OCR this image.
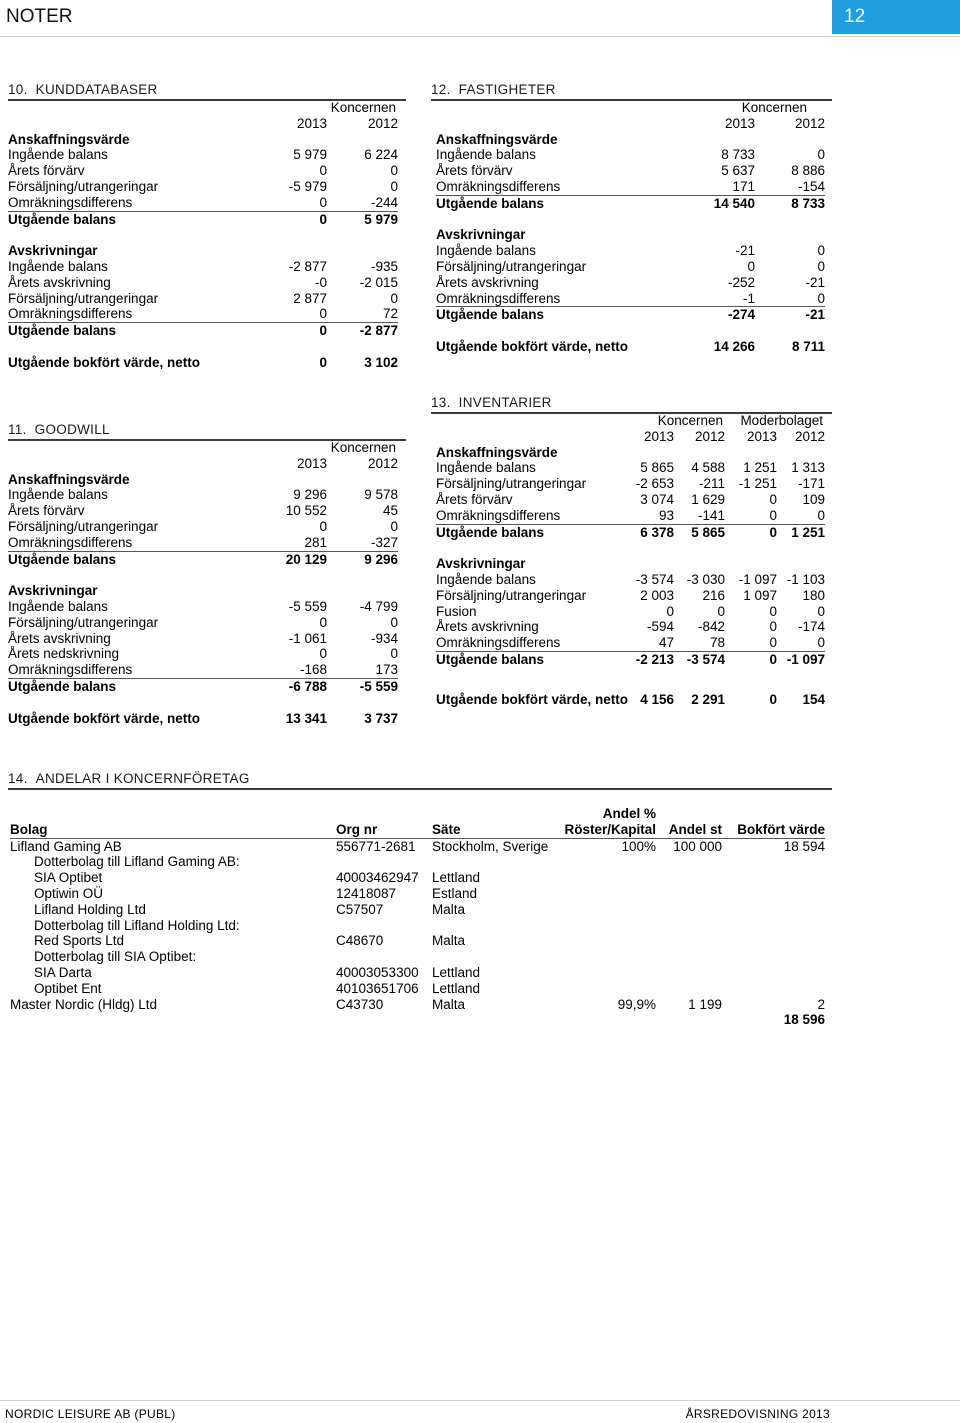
NOTER	12
10. KUNDDATABASER
	Koncernen	
	2013	2012
Anskaffningsvärde		
Ingående balans	5 979	6 224
Årets förvärv	0	0
Försäljning/utrangeringar	-5 979	0
Omräkningsdifferens	0	-244
Utgående balans	0	5 979

Avskrivningar		
Ingående balans	-2 877	-935
Årets avskrivning	-0	-2 015
Försäljning/utrangeringar	2 877	0
Omräkningsdifferens	0	72
Utgående balans	0	-2 877

Utgående bokfört värde, netto	0	3 102
11. GOODWILL
	Koncernen	
	2013	2012
Anskaffningsvärde		
Ingående balans	9 296	9 578
Årets förvärv	10 552	45
Försäljning/utrangeringar	0	0
Omräkningsdifferens	281	-327
Utgående balans	20 129	9 296

Avskrivningar		
Ingående balans	-5 559	-4 799
Försäljning/utrangeringar	0	0
Årets avskrivning	-1 061	-934
Årets nedskrivning	0	0
Omräkningsdifferens	-168	173
Utgående balans	-6 788	-5 559

Utgående bokfört värde, netto	13 341	3 737
12. FASTIGHETER
	Koncernen	
	2013	2012
Anskaffningsvärde		
Ingående balans	8 733	0
Årets förvärv	5 637	8 886
Omräkningsdifferens	171	-154
Utgående balans	14 540	8 733

Avskrivningar		
Ingående balans	-21	0
Försäljning/utrangeringar	0	0
Årets avskrivning	-252	-21
Omräkningsdifferens	-1	0
Utgående balans	-274	-21

Utgående bokfört värde, netto	14 266	8 711
13. INVENTARIER
	Koncernen		Moderbolaget	
	2013	2012	2013	2012
Anskaffningsvärde				
Ingående balans	5 865	4 588	1 251	1 313
Försäljning/utrangeringar	-2 653	-211	-1 251	-171
Årets förvärv	3 074	1 629	0	109
Omräkningsdifferens	93	-141	0	0
Utgående balans	6 378	5 865	0	1 251

Avskrivningar				
Ingående balans	-3 574	-3 030	-1 097	-1 103
Försäljning/utrangeringar	2 003	216	1 097	180
Fusion	0	0	0	0
Årets avskrivning	-594	-842	0	-174
Omräkningsdifferens	47	78	0	0
Utgående balans	-2 213	-3 574	0	-1 097

Utgående bokfört värde, netto	4 156	2 291	0	154
14. ANDELAR I KONCERNFÖRETAG
			Andel %		
Bolag	Org nr	Säte	Röster/Kapital	Andel st	Bokfört värde
Lifland Gaming AB	556771-2681	Stockholm, Sverige	100%	100 000	18 594
Dotterbolag till Lifland Gaming AB:					
SIA Optibet	40003462947	Lettland			
Optiwin OÜ	12418087	Estland			
Lifland Holding Ltd	C57507	Malta			
Dotterbolag till Lifland Holding Ltd:					
Red Sports Ltd	C48670	Malta			
Dotterbolag till SIA Optibet:					
SIA Darta	40003053300	Lettland			
Optibet Ent	40103651706	Lettland			
Master Nordic (Hldg) Ltd	C43730	Malta	99,9%	1 199	2
					18 596
NORDIC LEISURE AB (PUBL)	ÅRSREDOVISNING 2013
